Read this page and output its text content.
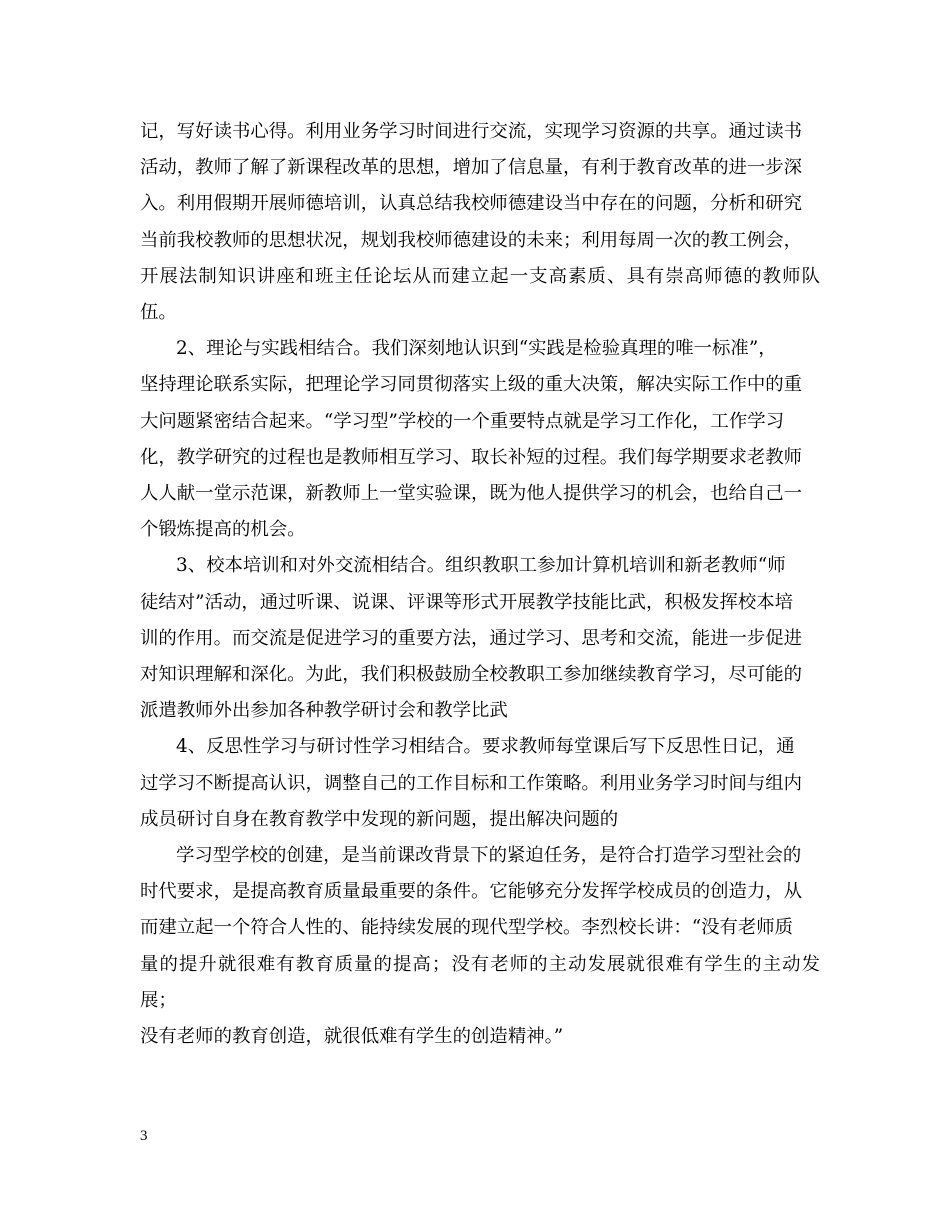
记，写好读书心得。利用业务学习时间进行交流，实现学习资源的共享。通过读书
活动，教师了解了新课程改革的思想，增加了信息量，有利于教育改革的进一步深
入。利用假期开展师德培训，认真总结我校师德建设当中存在的问题，分析和研究
当前我校教师的思想状况，规划我校师德建设的未来；利用每周一次的教工例会，
开展法制知识讲座和班主任论坛从而建立起一支高素质、具有崇高师德的教师队伍。

2、理论与实践相结合。我们深刻地认识到“实践是检验真理的唯一标准”，
坚持理论联系实际，把理论学习同贯彻落实上级的重大决策，解决实际工作中的重
大问题紧密结合起来。“学习型”学校的一个重要特点就是学习工作化，工作学习
化，教学研究的过程也是教师相互学习、取长补短的过程。我们每学期要求老教师
人人献一堂示范课，新教师上一堂实验课，既为他人提供学习的机会，也给自己一
个锻炼提高的机会。

3、校本培训和对外交流相结合。组织教职工参加计算机培训和新老教师“师
徒结对”活动，通过听课、说课、评课等形式开展教学技能比武，积极发挥校本培
训的作用。而交流是促进学习的重要方法，通过学习、思考和交流，能进一步促进
对知识理解和深化。为此，我们积极鼓励全校教职工参加继续教育学习，尽可能的
派遣教师外出参加各种教学研讨会和教学比武

4、反思性学习与研讨性学习相结合。要求教师每堂课后写下反思性日记，通
过学习不断提高认识，调整自己的工作目标和工作策略。利用业务学习时间与组内
成员研讨自身在教育教学中发现的新问题，提出解决问题的

学习型学校的创建，是当前课改背景下的紧迫任务，是符合打造学习型社会的
时代要求，是提高教育质量最重要的条件。它能够充分发挥学校成员的创造力，从
而建立起一个符合人性的、能持续发展的现代型学校。李烈校长讲：“没有老师质
量的提升就很难有教育质量的提高；没有老师的主动发展就很难有学生的主动发展；
没有老师的教育创造，就很低难有学生的创造精神。”

3
